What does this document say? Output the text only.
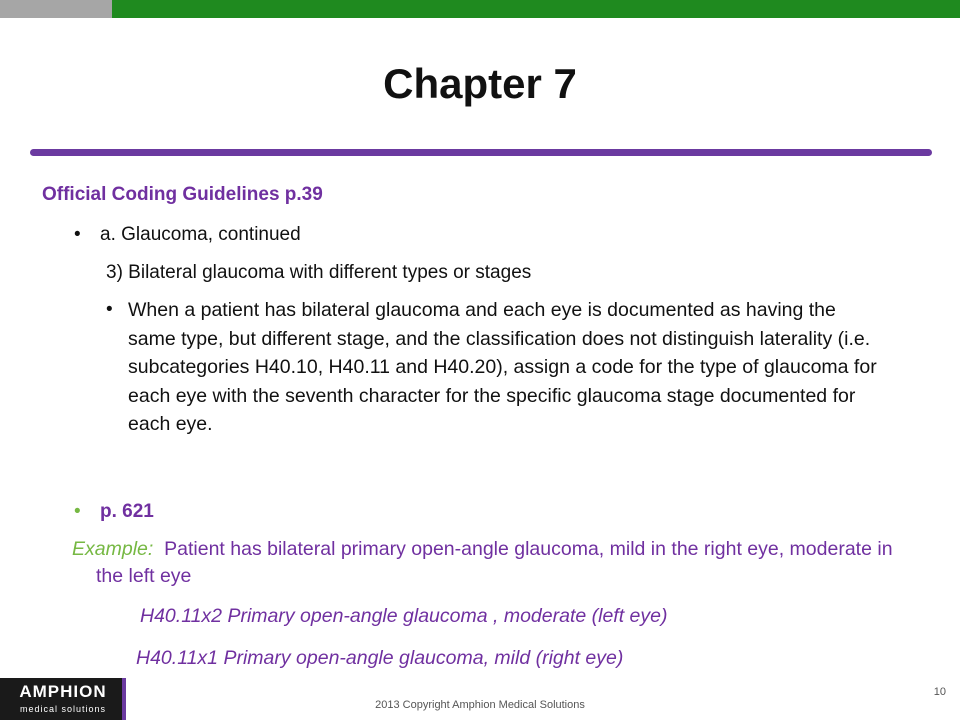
Chapter 7
Official Coding Guidelines p.39
• a. Glaucoma, continued
3) Bilateral glaucoma with different types or stages
• When a patient has bilateral glaucoma and each eye is documented as having the same type, but different stage, and the classification does not distinguish laterality (i.e. subcategories H40.10, H40.11 and H40.20), assign a code for the type of glaucoma for each eye with the seventh character for the specific glaucoma stage documented for each eye.
• p. 621
Example: Patient has bilateral primary open-angle glaucoma, mild in the right eye, moderate in the left eye
H40.11x2 Primary open-angle glaucoma , moderate (left eye)
H40.11x1 Primary open-angle glaucoma, mild (right eye)
AMPHION
medical solutions	2013 Copyright Amphion Medical Solutions
10
